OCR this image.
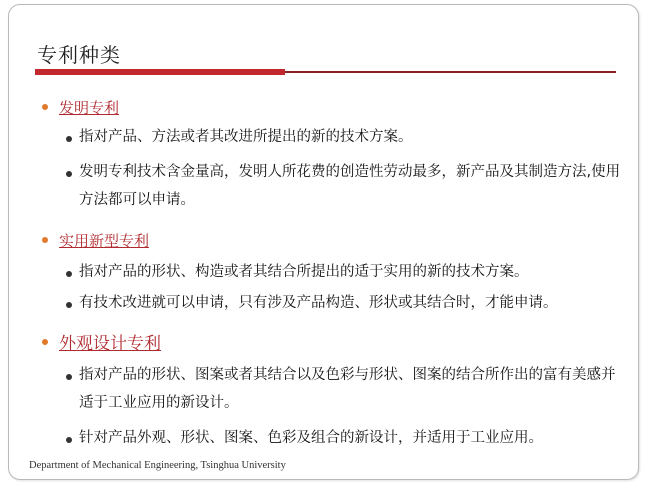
专利种类
发明专利
指对产品、方法或者其改进所提出的新的技术方案。
发明专利技术含金量高，发明人所花费的创造性劳动最多，新产品及其制造方法,使用方法都可以申请。
实用新型专利
指对产品的形状、构造或者其结合所提出的适于实用的新的技术方案。
有技术改进就可以申请，只有涉及产品构造、形状或其结合时，才能申请。
外观设计专利
指对产品的形状、图案或者其结合以及色彩与形状、图案的结合所作出的富有美感并适于工业应用的新设计。
针对产品外观、形状、图案、色彩及组合的新设计，并适用于工业应用。
Department of Mechanical Engineering, Tsinghua University
